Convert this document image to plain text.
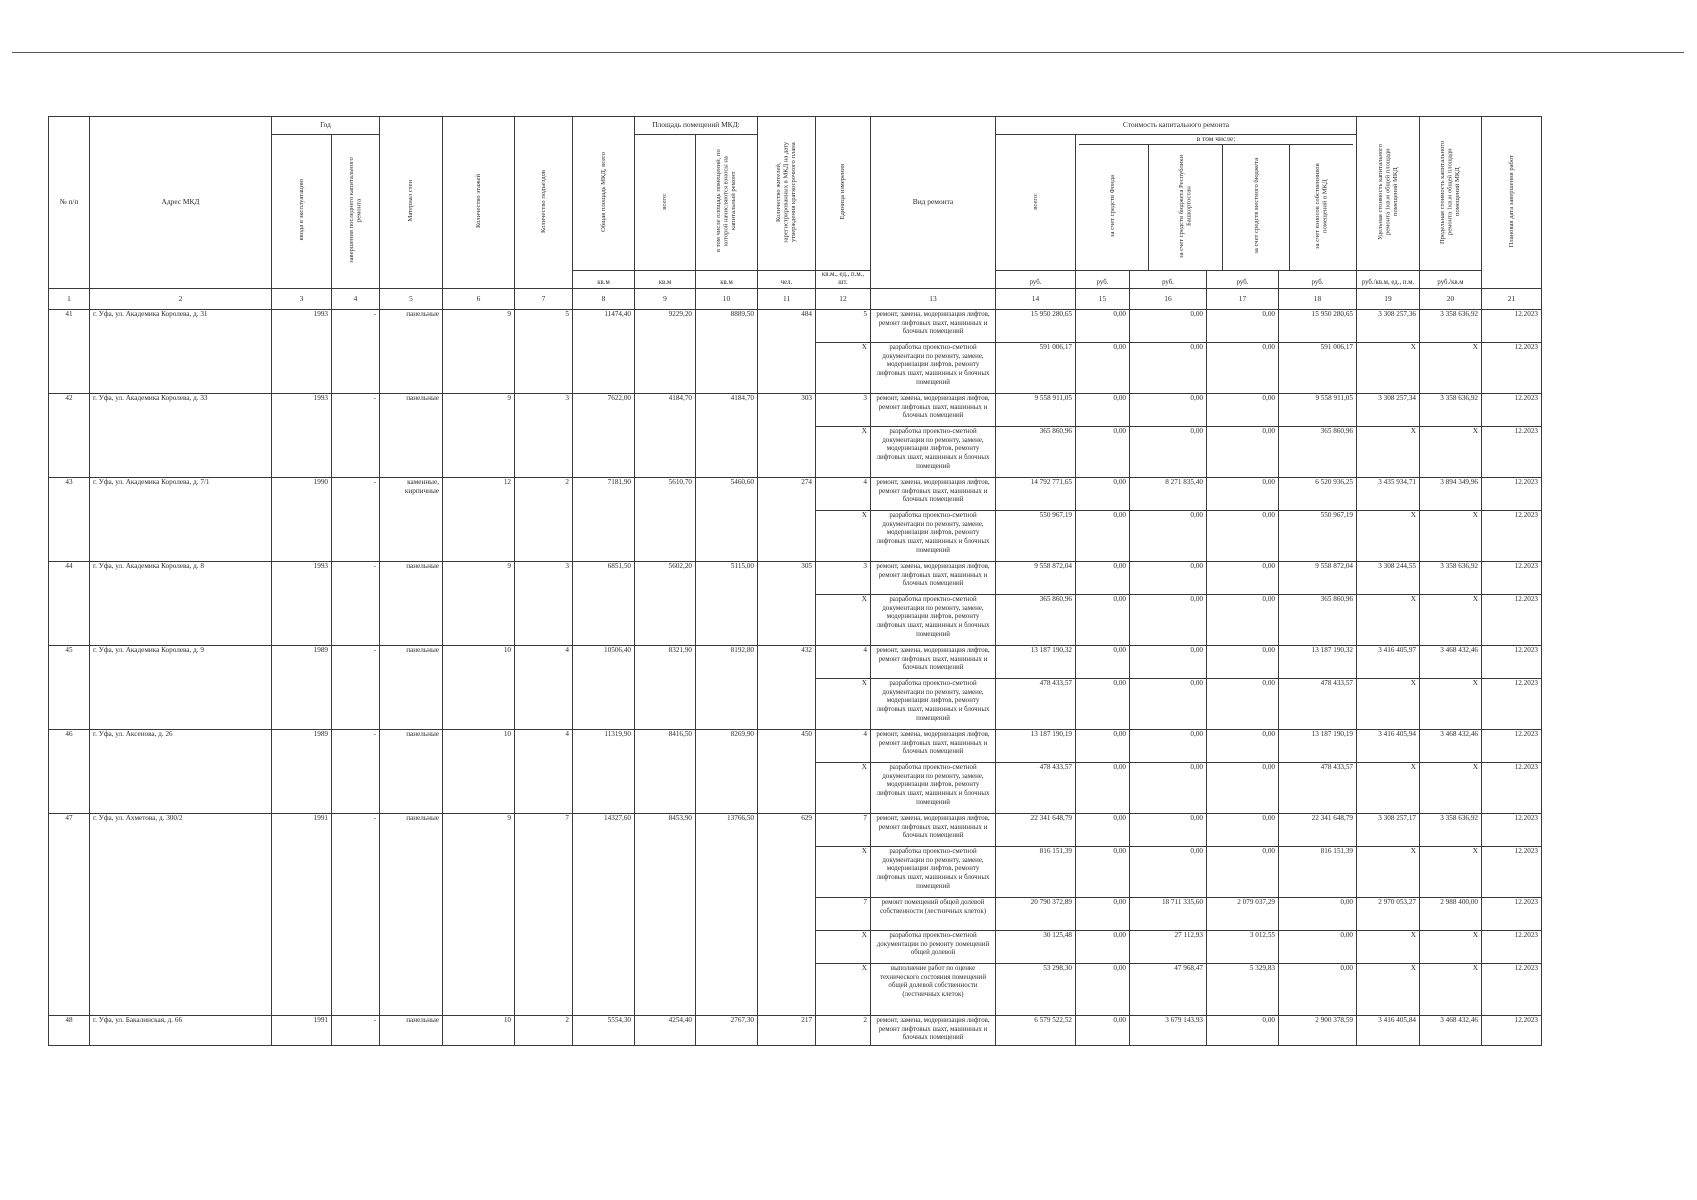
№ п/п	Адрес МКД	Год	Материал стен	Количество этажей	Количество подъездов	Общая площадь МКД, всего	Площадь помещений МКД:	Количество жителей, зарегистрированных в МКД на дату утверждения краткосрочного плана	Единица измерения	Вид ремонта	Стоимость капитального ремонта	Удельная стоимость капитального ремонта 1кв.м общей площади помещений МКД	Предельная стоимость капитального ремонта 1кв.м общей площади помещений МКД	Плановая дата завершения работ
ввода в эксплуатацию	завершения последнего капитального ремонта	всего:	в том числе площадь помещений, по которой начисляются взносы на капитальный ремонт	всего:	
в том числе:
за счет средств Фонда	за счет средств бюджета Республики Башкортостан	за счет средств местного бюджета	за счет взносов собственников помещений в МКД

кв.м	кв.м	кв.м	чел.	кв.м., ед., п.м., шт.	руб.	руб.	руб.	руб.	руб.	руб./кв.м, ед., п.м.	руб./кв.м
1	2	3	4	5	6	7	8	9	10	11	12	13	14	15	16	17	18	19	20	21
41	г. Уфа, ул. Академика Королева, д. 31	1993	-	панельные	9	5	11474,40	9229,20	8889,50	484	5	ремонт, замена, модернизация лифтов, ремонт лифтовых шахт, машинных и блочных помещений	15 950 280,65	0,00	0,00	0,00	15 950 280,65	3 308 257,36	3 358 636,92	12.2023
X	разработка проектно-сметной документации по ремонту, замене, модернизации лифтов, ремонту лифтовых шахт, машинных и блочных помещений	591 006,17	0,00	0,00	0,00	591 006,17	X	X	12.2023
42	г. Уфа, ул. Академика Королева, д. 33	1993	-	панельные	9	3	7622,00	4184,70	4184,70	303	3	ремонт, замена, модернизация лифтов, ремонт лифтовых шахт, машинных и блочных помещений	9 558 911,05	0,00	0,00	0,00	9 558 911,05	3 308 257,34	3 358 636,92	12.2023
X	разработка проектно-сметной документации по ремонту, замене, модернизации лифтов, ремонту лифтовых шахт, машинных и блочных помещений	365 860,96	0,00	0,00	0,00	365 860,96	X	X	12.2023
43	г. Уфа, ул. Академика Королева, д. 7/1	1990	-	каменные, кирпичные	12	2	7181,90	5610,70	5460,60	274	4	ремонт, замена, модернизация лифтов, ремонт лифтовых шахт, машинных и блочных помещений	14 792 771,65	0,00	8 271 835,40	0,00	6 520 936,25	3 435 934,71	3 894 349,96	12.2023
X	разработка проектно-сметной документации по ремонту, замене, модернизации лифтов, ремонту лифтовых шахт, машинных и блочных помещений	550 967,19	0,00	0,00	0,00	550 967,19	X	X	12.2023
44	г. Уфа, ул. Академика Королева, д. 8	1993	-	панельные	9	3	6851,50	5602,20	5115,00	305	3	ремонт, замена, модернизация лифтов, ремонт лифтовых шахт, машинных и блочных помещений	9 558 872,04	0,00	0,00	0,00	9 558 872,04	3 308 244,55	3 358 636,92	12.2023
X	разработка проектно-сметной документации по ремонту, замене, модернизации лифтов, ремонту лифтовых шахт, машинных и блочных помещений	365 860,96	0,00	0,00	0,00	365 860,96	X	X	12.2023
45	г. Уфа, ул. Академика Королева, д. 9	1989	-	панельные	10	4	10506,40	8321,90	8192,80	432	4	ремонт, замена, модернизация лифтов, ремонт лифтовых шахт, машинных и блочных помещений	13 187 190,32	0,00	0,00	0,00	13 187 190,32	3 416 405,97	3 468 432,46	12.2023
X	разработка проектно-сметной документации по ремонту, замене, модернизации лифтов, ремонту лифтовых шахт, машинных и блочных помещений	478 433,57	0,00	0,00	0,00	478 433,57	X	X	12.2023
46	г. Уфа, ул. Аксенова, д. 26	1989	-	панельные	10	4	11319,90	8416,50	8269,90	450	4	ремонт, замена, модернизация лифтов, ремонт лифтовых шахт, машинных и блочных помещений	13 187 190,19	0,00	0,00	0,00	13 187 190,19	3 416 405,94	3 468 432,46	12.2023
X	разработка проектно-сметной документации по ремонту, замене, модернизации лифтов, ремонту лифтовых шахт, машинных и блочных помещений	478 433,57	0,00	0,00	0,00	478 433,57	X	X	12.2023
47	г. Уфа, ул. Ахметова, д. 300/2	1991	-	панельные	9	7	14327,60	8453,90	13766,50	629	7	ремонт, замена, модернизация лифтов, ремонт лифтовых шахт, машинных и блочных помещений	22 341 648,79	0,00	0,00	0,00	22 341 648,79	3 308 257,17	3 358 636,92	12.2023
X	разработка проектно-сметной документации по ремонту, замене, модернизации лифтов, ремонту лифтовых шахт, машинных и блочных помещений	816 151,39	0,00	0,00	0,00	816 151,39	X	X	12.2023
7	ремонт помещений общей долевой собственности (лестничных клеток)	20 790 372,89	0,00	18 711 335,60	2 079 037,29	0,00	2 970 053,27	2 988 400,00	12.2023
X	разработка проектно-сметной документации по ремонту помещений общей долевой	30 125,48	0,00	27 112,93	3 012,55	0,00	X	X	12.2023
X	выполнение работ по оценке технического состояния помещений общей долевой собственности (лестничных клеток)	53 298,30	0,00	47 968,47	5 329,83	0,00	X	X	12.2023
48	г. Уфа, ул. Бакалинская, д. 66	1991	-	панельные	10	2	5554,30	4254,40	2767,30	217	2	ремонт, замена, модернизация лифтов, ремонт лифтовых шахт, машинных и блочных помещений	6 579 522,52	0,00	3 679 143,93	0,00	2 900 378,59	3 416 405,84	3 468 432,46	12.2023
